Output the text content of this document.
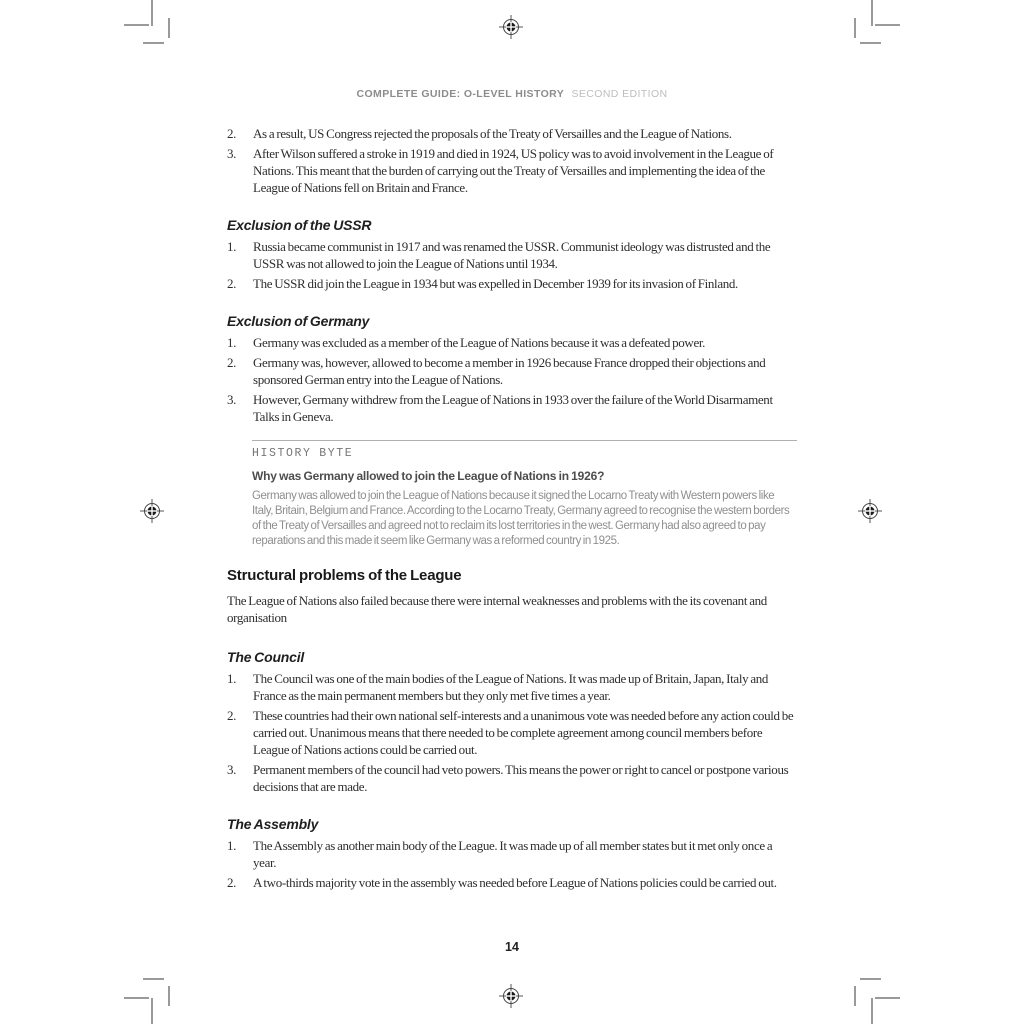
COMPLETE GUIDE: O-LEVEL HISTORY SECOND EDITION
2.	As a result, US Congress rejected the proposals of the Treaty of Versailles and the League of Nations.
3.	After Wilson suffered a stroke in 1919 and died in 1924, US policy was to avoid involvement in the League of Nations. This meant that the burden of carrying out the Treaty of Versailles and implementing the idea of the League of Nations fell on Britain and France.
Exclusion of the USSR
1.	Russia became communist in 1917 and was renamed the USSR. Communist ideology was distrusted and the USSR was not allowed to join the League of Nations until 1934.
2.	The USSR did join the League in 1934 but was expelled in December 1939 for its invasion of Finland.
Exclusion of Germany
1.	Germany was excluded as a member of the League of Nations because it was a defeated power.
2.	Germany was, however, allowed to become a member in 1926 because France dropped their objections and sponsored German entry into the League of Nations.
3.	However, Germany withdrew from the League of Nations in 1933 over the failure of the World Disarmament Talks in Geneva.
HISTORY BYTE
Why was Germany allowed to join the League of Nations in 1926?
Germany was allowed to join the League of Nations because it signed the Locarno Treaty with Western powers like Italy, Britain, Belgium and France. According to the Locarno Treaty, Germany agreed to recognise the western borders of the Treaty of Versailles and agreed not to reclaim its lost territories in the west. Germany had also agreed to pay reparations and this made it seem like Germany was a reformed country in 1925.
Structural problems of the League
The League of Nations also failed because there were internal weaknesses and problems with the its covenant and organisation
The Council
1.	The Council was one of the main bodies of the League of Nations. It was made up of Britain, Japan, Italy and France as the main permanent members but they only met five times a year.
2.	These countries had their own national self-interests and a unanimous vote was needed before any action could be carried out. Unanimous means that there needed to be complete agreement among council members before League of Nations actions could be carried out.
3.	Permanent members of the council had veto powers. This means the power or right to cancel or postpone various decisions that are made.
The Assembly
1.	The Assembly as another main body of the League. It was made up of all member states but it met only once a year.
2.	A two-thirds majority vote in the assembly was needed before League of Nations policies could be carried out.
14
